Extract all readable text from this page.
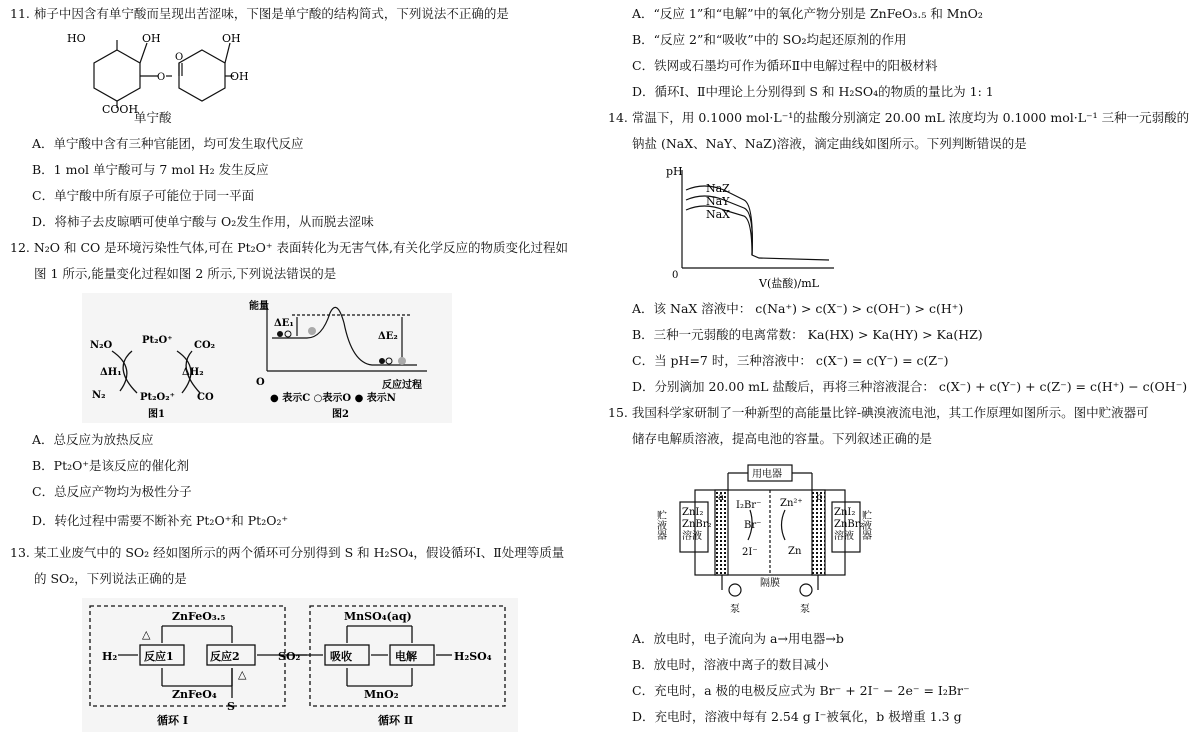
11. 柿子中因含有单宁酸而呈现出苦涩味，下图是单宁酸的结构简式，下列说法不正确的是
HO	OH
O
OH
OH
O
COOH
单宁酸
A．单宁酸中含有三种官能团，均可发生取代反应
B．1 mol 单宁酸可与 7 mol H₂ 发生反应
C．单宁酸中所有原子可能位于同一平面
D．将柿子去皮晾晒可使单宁酸与 O₂发生作用，从而脱去涩味
12. N₂O 和 CO 是环境污染性气体,可在 Pt₂O⁺ 表面转化为无害气体,有关化学反应的物质变化过程如
图 1 所示,能量变化过程如图 2 所示,下列说法错误的是
N₂O	Pt₂O⁺ CO₂
ΔH₁	ΔH₂
N₂	Pt₂O₂⁺ CO
图1
能量
ΔE₁
ΔE₂
O	反应过程
● 表示C ○表示O ● 表示N
图2
A．总反应为放热反应
B．Pt₂O⁺是该反应的催化剂
C．总反应产物均为极性分子
D．转化过程中需要不断补充 Pt₂O⁺和 Pt₂O₂⁺
13. 某工业废气中的 SO₂ 经如图所示的两个循环可分别得到 S 和 H₂SO₄，假设循环Ⅰ、Ⅱ处理等质量
的 SO₂，下列说法正确的是
ZnFeO₃.₅
ZnFeO₄
反应1	反应2
H₂	SO₂
S
△
△
MnSO₄(aq)
MnO₂
吸收	电解	H₂SO₄
循环 Ⅰ	循环 Ⅱ
A．“反应 1”和“电解”中的氧化产物分别是 ZnFeO₃.₅ 和 MnO₂
B．“反应 2”和“吸收”中的 SO₂均起还原剂的作用
C．铁网或石墨均可作为循环Ⅱ中电解过程中的阳极材料
D．循环Ⅰ、Ⅱ中理论上分别得到 S 和 H₂SO₄的物质的量比为 1: 1
14. 常温下，用 0.1000 mol·L⁻¹的盐酸分别滴定 20.00 mL 浓度均为 0.1000 mol·L⁻¹ 三种一元弱酸的
钠盐 (NaX、NaY、NaZ)溶液，滴定曲线如图所示。下列判断错误的是
pH
0
V(盐酸)/mL
NaZ
NaY
NaX
A．该 NaX 溶液中： c(Na⁺) > c(X⁻) > c(OH⁻) > c(H⁺)
B．三种一元弱酸的电离常数： Ka(HX) > Ka(HY) > Ka(HZ)
C．当 pH=7 时，三种溶液中： c(X⁻) = c(Y⁻) = c(Z⁻)
D．分别滴加 20.00 mL 盐酸后，再将三种溶液混合： c(X⁻) + c(Y⁻) + c(Z⁻) = c(H⁺) − c(OH⁻)
15. 我国科学家研制了一种新型的高能量比锌-碘溴液流电池，其工作原理如图所示。图中贮液器可
储存电解质溶液，提高电池的容量。下列叙述正确的是
用电器
贮液器	贮液器
ZnI₂
ZnBr₂
溶液
ZnI₂
ZnBr₂
溶液
a	b
I₂Br⁻
Br⁻
2I⁻
Zn²⁺
Zn
隔膜
泵	泵
A．放电时，电子流向为 a→用电器→b
B．放电时，溶液中离子的数目减小
C．充电时，a 极的电极反应式为 Br⁻ + 2I⁻ − 2e⁻ = I₂Br⁻
D．充电时，溶液中每有 2.54 g I⁻被氧化，b 极增重 1.3 g
